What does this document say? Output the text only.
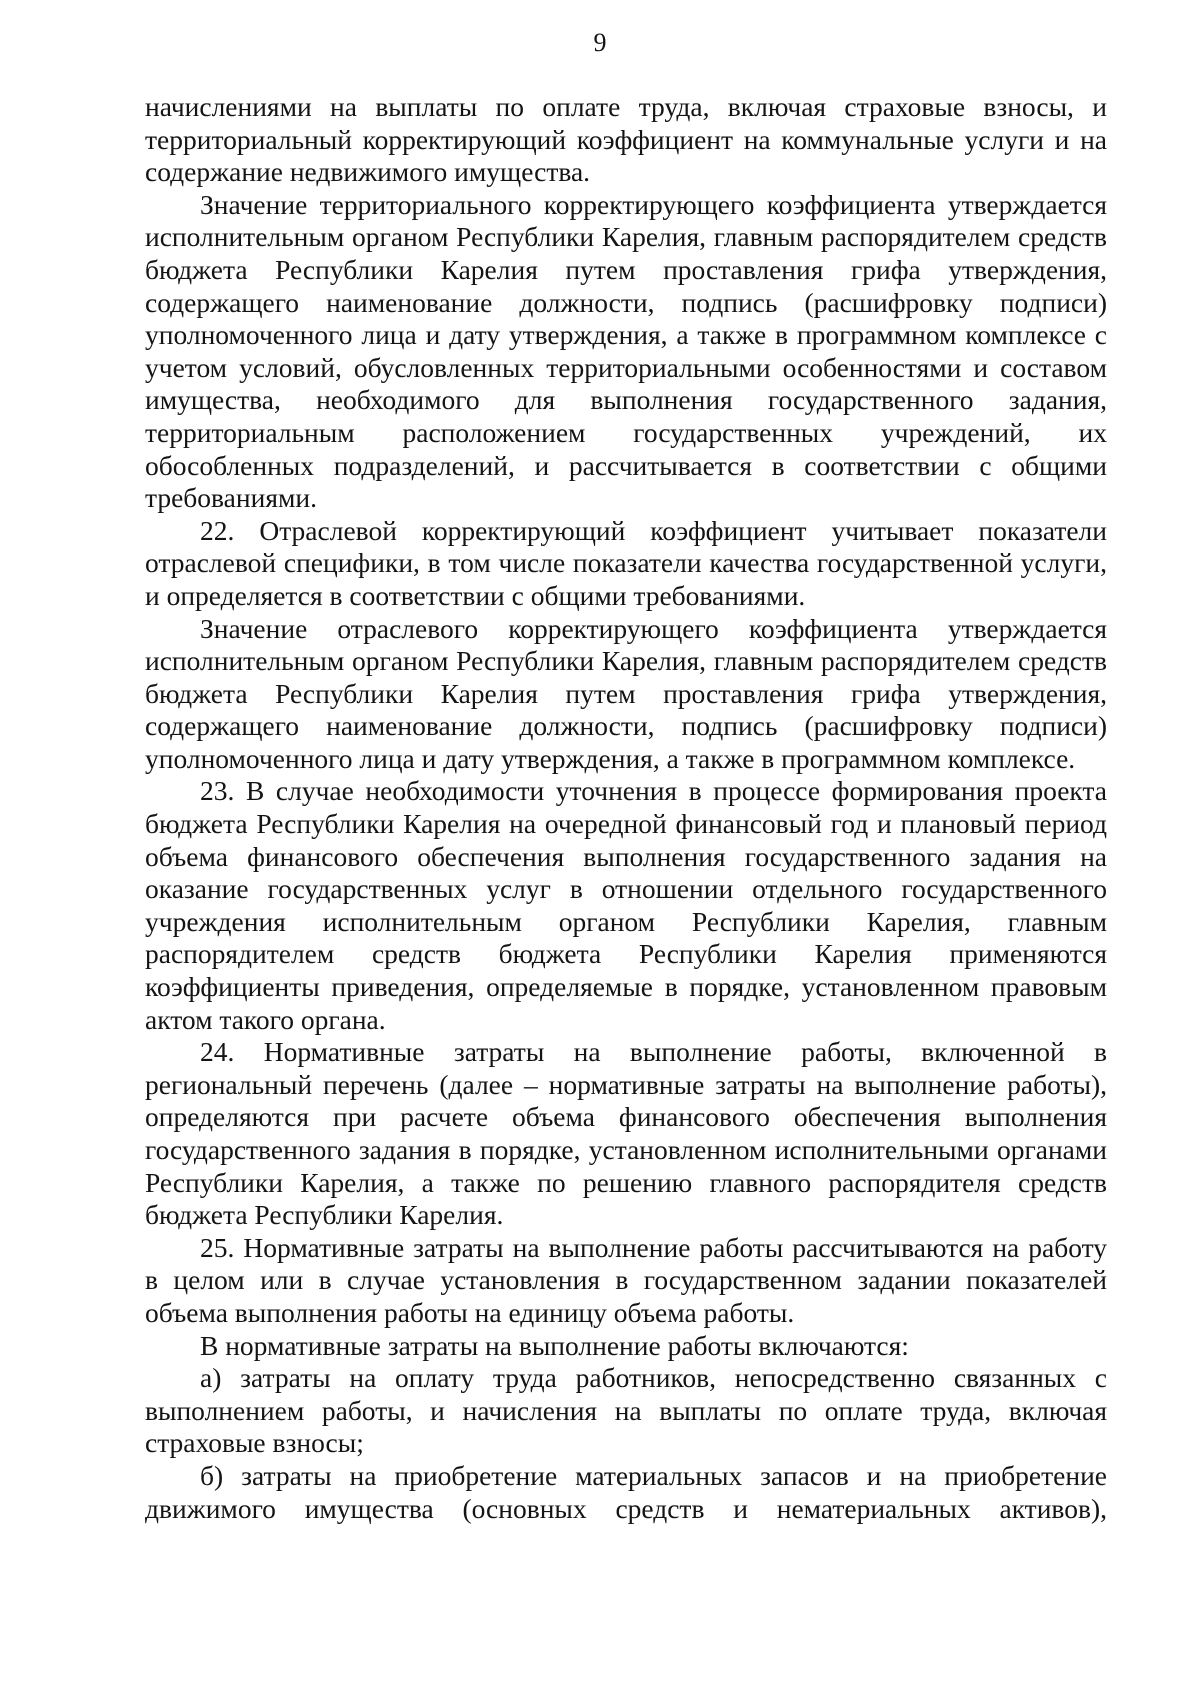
9

начислениями на выплаты по оплате труда, включая страховые взносы, и территориальный корректирующий коэффициент на коммунальные услуги и на содержание недвижимого имущества.

Значение территориального корректирующего коэффициента утверждается исполнительным органом Республики Карелия, главным распорядителем средств бюджета Республики Карелия путем проставления грифа утверждения, содержащего наименование должности, подпись (расшифровку подписи) уполномоченного лица и дату утверждения, а также в программном комплексе с учетом условий, обусловленных территориальными особенностями и составом имущества, необходимого для выполнения государственного задания, территориальным расположением государственных учреждений, их обособленных подразделений, и рассчитывается в соответствии с общими требованиями.

22. Отраслевой корректирующий коэффициент учитывает показатели отраслевой специфики, в том числе показатели качества государственной услуги, и определяется в соответствии с общими требованиями.

Значение отраслевого корректирующего коэффициента утверждается исполнительным органом Республики Карелия, главным распорядителем средств бюджета Республики Карелия путем проставления грифа утверждения, содержащего наименование должности, подпись (расшифровку подписи) уполномоченного лица и дату утверждения, а также в программном комплексе.

23. В случае необходимости уточнения в процессе формирования проекта бюджета Республики Карелия на очередной финансовый год и плановый период объема финансового обеспечения выполнения государственного задания на оказание государственных услуг в отношении отдельного государственного учреждения исполнительным органом Республики Карелия, главным распорядителем средств бюджета Республики Карелия применяются коэффициенты приведения, определяемые в порядке, установленном правовым актом такого органа.

24. Нормативные затраты на выполнение работы, включенной в региональный перечень (далее – нормативные затраты на выполнение работы), определяются при расчете объема финансового обеспечения выполнения государственного задания в порядке, установленном исполнительными органами Республики Карелия, а также по решению главного распорядителя средств бюджета Республики Карелия.

25. Нормативные затраты на выполнение работы рассчитываются на работу в целом или в случае установления в государственном задании показателей объема выполнения работы на единицу объема работы.

В нормативные затраты на выполнение работы включаются:

а) затраты на оплату труда работников, непосредственно связанных с выполнением работы, и начисления на выплаты по оплате труда, включая страховые взносы;

б) затраты на приобретение материальных запасов и на приобретение движимого имущества (основных средств и нематериальных активов),
